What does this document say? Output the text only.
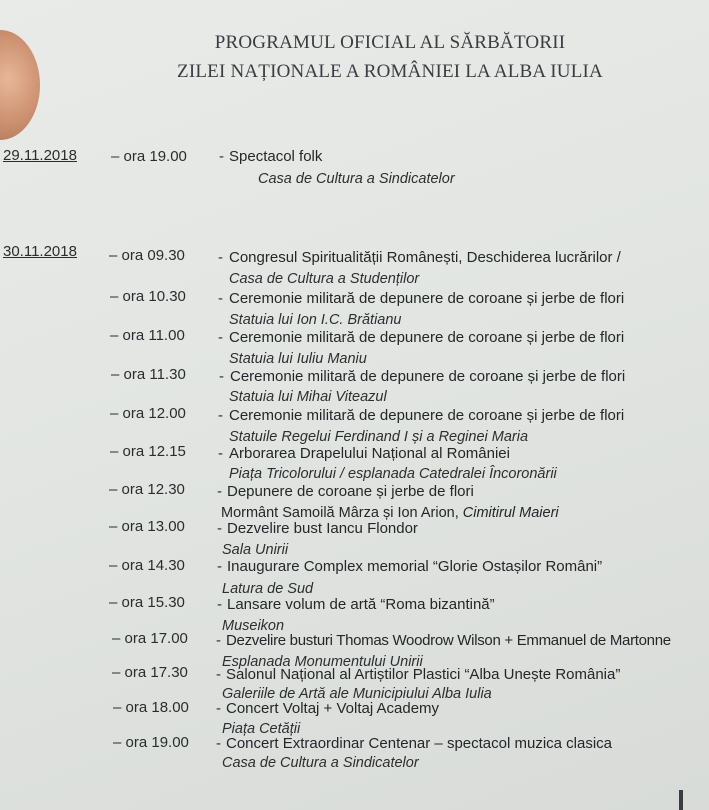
PROGRAMUL OFICIAL AL SĂRBĂTORII
ZILEI NAȚIONALE A ROMÂNIEI LA ALBA IULIA
29.11.2018 – ora 19.00 - Spectacol folk
Casa de Cultura a Sindicatelor
30.11.2018 – ora 09.30 - Congresul Spiritualității Românești, Deschiderea lucrărilor /
Casa de Cultura a Studenților
– ora 10.30 - Ceremonie militară de depunere de coroane și jerbe de flori
Statuia lui Ion I.C. Brătianu
– ora 11.00 - Ceremonie militară de depunere de coroane și jerbe de flori
Statuia lui Iuliu Maniu
– ora 11.30 - Ceremonie militară de depunere de coroane și jerbe de flori
Statuia lui Mihai Viteazul
– ora 12.00 - Ceremonie militară de depunere de coroane și jerbe de flori
Statuile Regelui Ferdinand I și a Reginei Maria
– ora 12.15 - Arborarea Drapelului Național al României
Piața Tricolorului / esplanada Catedralei Încoronării
– ora 12.30 - Depunere de coroane și jerbe de flori
Mormânt Samoilă Mârza și Ion Arion, Cimitirul Maieri
– ora 13.00 - Dezvelire bust Iancu Flondor
Sala Unirii
– ora 14.30 - Inaugurare Complex memorial “Glorie Ostașilor Români”
Latura de Sud
– ora 15.30 - Lansare volum de artă “Roma bizantină”
Museikon
– ora 17.00 - Dezvelire busturi Thomas Woodrow Wilson + Emmanuel de Martonne
Esplanada Monumentului Unirii
– ora 17.30 - Salonul Național al Artiștilor Plastici “Alba Unește România”
Galeriile de Artă ale Municipiului Alba Iulia
– ora 18.00 - Concert Voltaj + Voltaj Academy
Piața Cetății
– ora 19.00 - Concert Extraordinar Centenar – spectacol muzica clasica
Casa de Cultura a Sindicatelor
